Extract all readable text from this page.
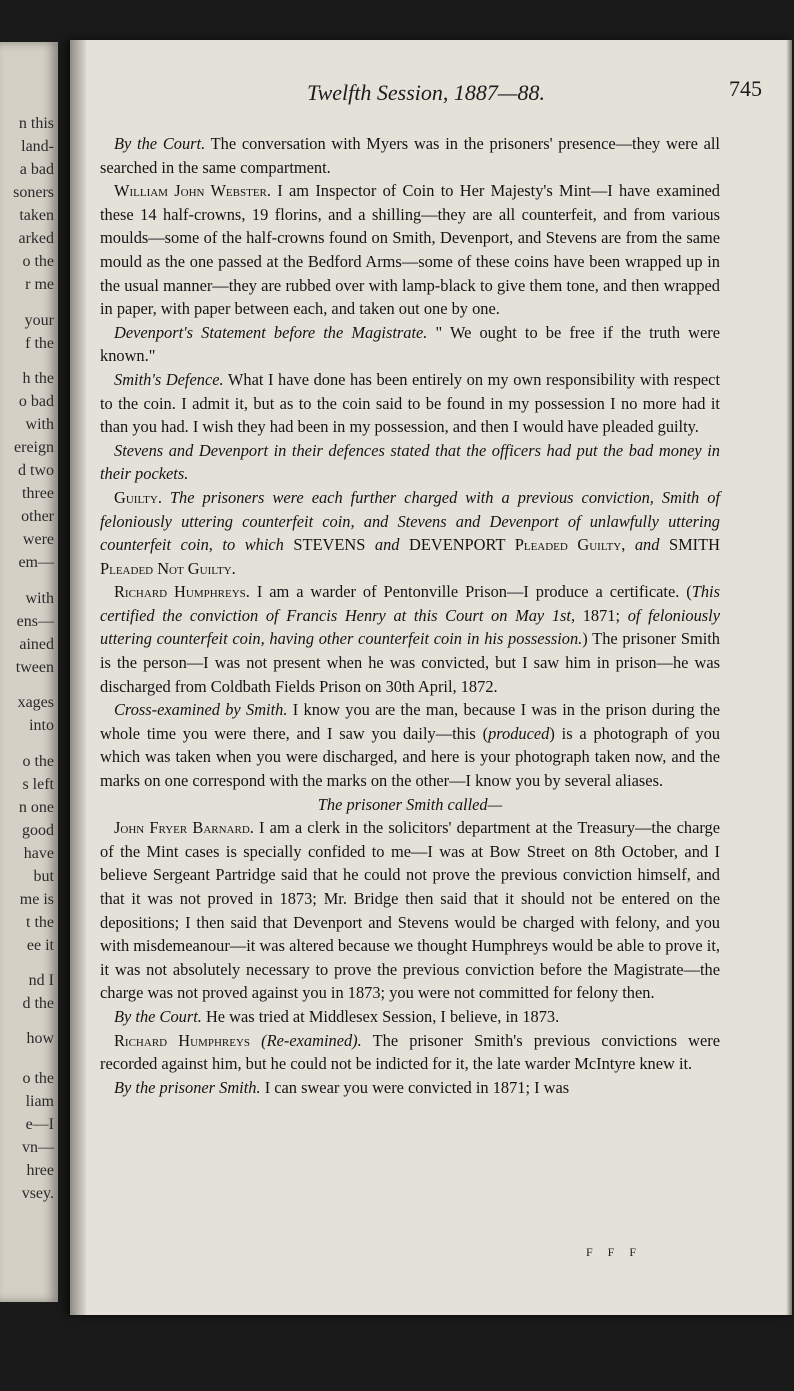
n this
land-
a bad
soners
taken
arked
o the
r me
your
f the
h the
o bad
with
ereign
d two
three
other
were
em—
with
ens—
ained
tween
xages
into
o the
s left
n one
good
have
but
me is
t the
ee it
nd I
d the
how
o the
liam
e—I
vn—
hree
vsey.
Twelfth Session, 1887—88.	745

By the Court. The conversation with Myers was in the prisoners' presence—they were all searched in the same compartment.

William John Webster. I am Inspector of Coin to Her Majesty's Mint—I have examined these 14 half-crowns, 19 florins, and a shilling—they are all counterfeit, and from various moulds—some of the half-crowns found on Smith, Devenport, and Stevens are from the same mould as the one passed at the Bedford Arms—some of these coins have been wrapped up in the usual manner—they are rubbed over with lamp-black to give them tone, and then wrapped in paper, with paper between each, and taken out one by one.

Devenport's Statement before the Magistrate. " We ought to be free if the truth were known."

Smith's Defence. What I have done has been entirely on my own responsibility with respect to the coin. I admit it, but as to the coin said to be found in my possession I no more had it than you had. I wish they had been in my possession, and then I would have pleaded guilty.

Stevens and Devenport in their defences stated that the officers had put the bad money in their pockets.

Guilty. The prisoners were each further charged with a previous conviction, Smith of feloniously uttering counterfeit coin, and Stevens and Devenport of unlawfully uttering counterfeit coin, to which STEVENS and DEVENPORT Pleaded Guilty, and SMITH Pleaded Not Guilty.

Richard Humphreys. I am a warder of Pentonville Prison—I produce a certificate. (This certified the conviction of Francis Henry at this Court on May 1st, 1871; of feloniously uttering counterfeit coin, having other counterfeit coin in his possession.) The prisoner Smith is the person—I was not present when he was convicted, but I saw him in prison—he was discharged from Coldbath Fields Prison on 30th April, 1872.

Cross-examined by Smith. I know you are the man, because I was in the prison during the whole time you were there, and I saw you daily—this (produced) is a photograph of you which was taken when you were discharged, and here is your photograph taken now, and the marks on one correspond with the marks on the other—I know you by several aliases.

The prisoner Smith called—

John Fryer Barnard. I am a clerk in the solicitors' department at the Treasury—the charge of the Mint cases is specially confided to me—I was at Bow Street on 8th October, and I believe Sergeant Partridge said that he could not prove the previous conviction himself, and that it was not proved in 1873; Mr. Bridge then said that it should not be entered on the depositions; I then said that Devenport and Stevens would be charged with felony, and you with misdemeanour—it was altered because we thought Humphreys would be able to prove it, it was not absolutely necessary to prove the previous conviction before the Magistrate—the charge was not proved against you in 1873; you were not committed for felony then.

By the Court. He was tried at Middlesex Session, I believe, in 1873.

Richard Humphreys (Re-examined). The prisoner Smith's previous convictions were recorded against him, but he could not be indicted for it, the late warder McIntyre knew it.

By the prisoner Smith. I can swear you were convicted in 1871; I was

F F F
